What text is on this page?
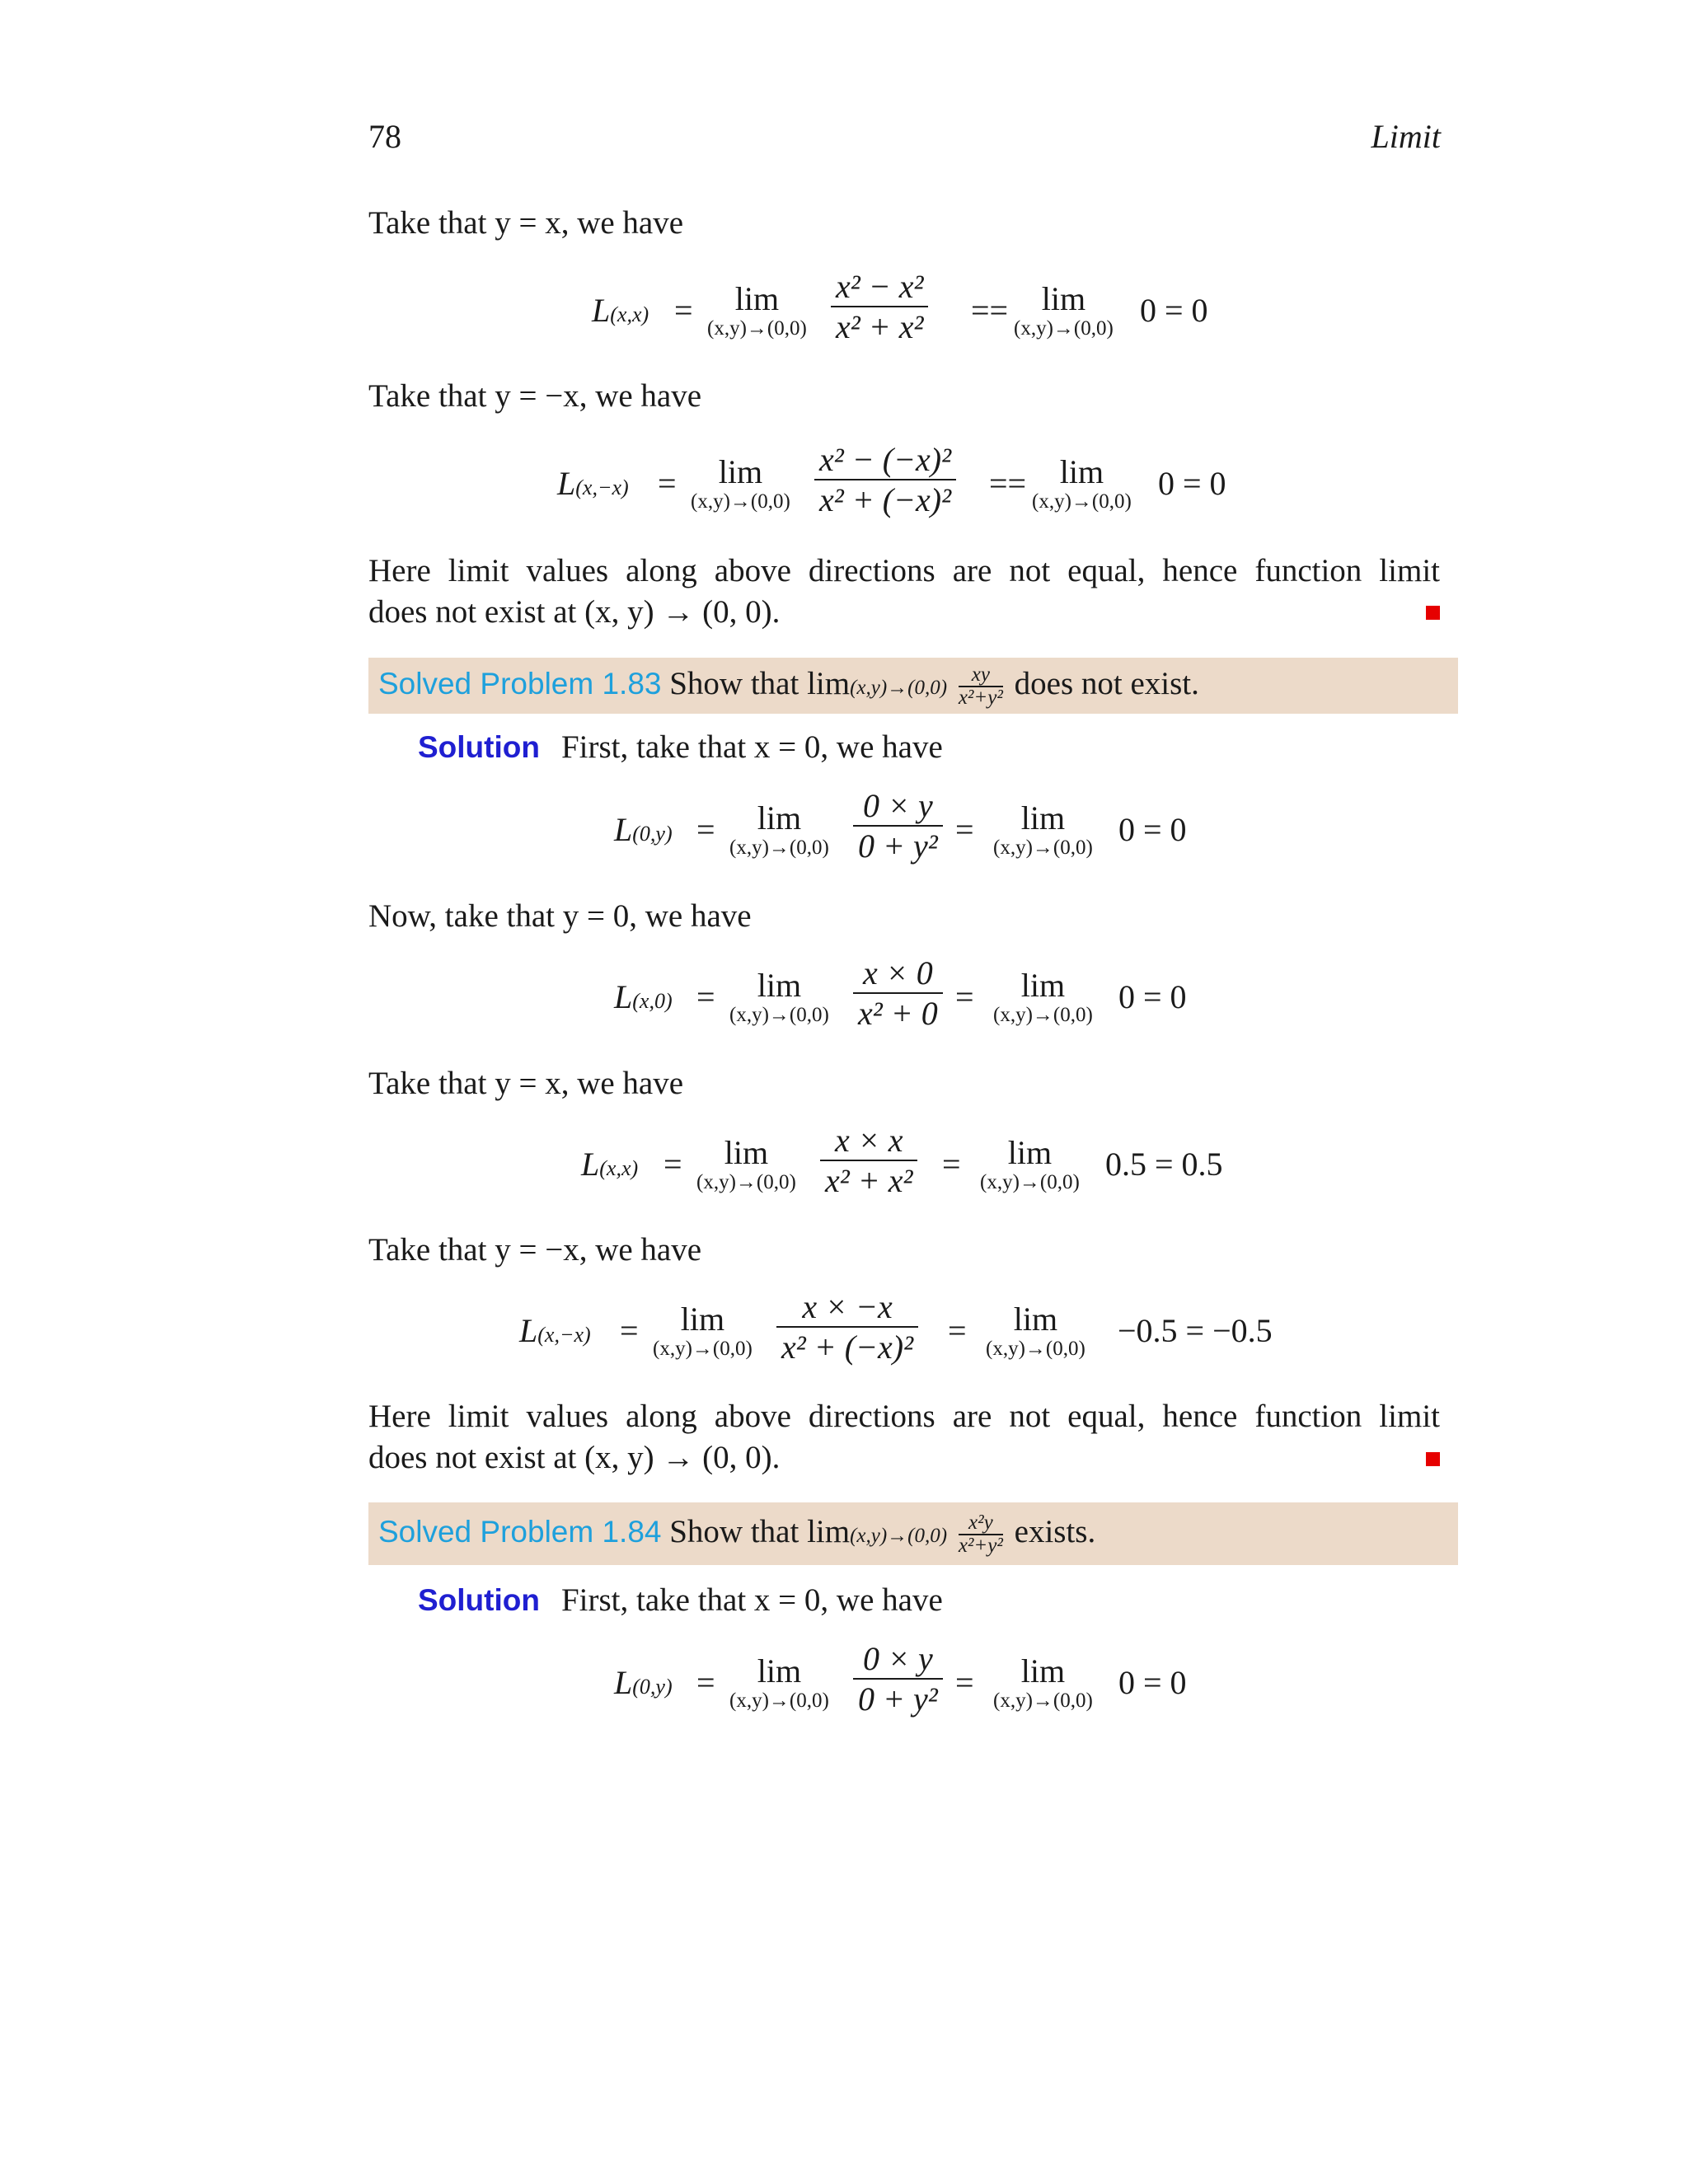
78	Limit
Take that y = x, we have
L(x,x) =	lim
$(x,y)\to(0,0) \frac{\text{x² − x²}}{\text{x² + x²}}$ ==	lim
(x,y)→(0,0) 0 = 0
Take that y = −x, we have
L(x,−x) =	lim
$(x,y)\to(0,0) \frac{\text{x² − (−x)²}}{\text{x² + (−x)²}}$ ==	lim
(x,y)→(0,0) 0 = 0
Here limit values along above directions are not equal, hence function limit
does not exist at (x, y) → (0, 0).
Solved Problem 1.83 Show that $\lim(x,y)\to(0,0) \frac{xy}{\text{x²+y²}}$ does not exist.
Solution First, take that x = 0, we have
L(0,y) =	lim
$(x,y)\to(0,0) \frac{0 \times y}{\text{0 + y²}}$ =	lim
(x,y)→(0,0) 0 = 0
Now, take that y = 0, we have
L(x,0) =	lim
$(x,y)\to(0,0) \frac{x \times 0}{\text{x² + 0}}$ =	lim
(x,y)→(0,0) 0 = 0
Take that y = x, we have
L(x,x) =	lim
$(x,y)\to(0,0) \frac{x \times x}{\text{x² + x²}}$ =	lim
(x,y)→(0,0) 0.5 = 0.5
Take that y = −x, we have
L(x,−x) =	lim
$(x,y)\to(0,0) \frac{x \times -x}{\text{x² + (−x)²}}$ =	lim
(x,y)→(0,0) −0.5 = −0.5
Here limit values along above directions are not equal, hence function limit
does not exist at (x, y) → (0, 0).
Solved Problem 1.84 Show that $\lim(x,y)\to(0,0) \frac{\text{x²y}}{\text{x²+y²}}$ exists.
Solution First, take that x = 0, we have
L(0,y) =	lim
$(x,y)\to(0,0) \frac{0 \times y}{\text{0 + y²}}$ =	lim
(x,y)→(0,0) 0 = 0
